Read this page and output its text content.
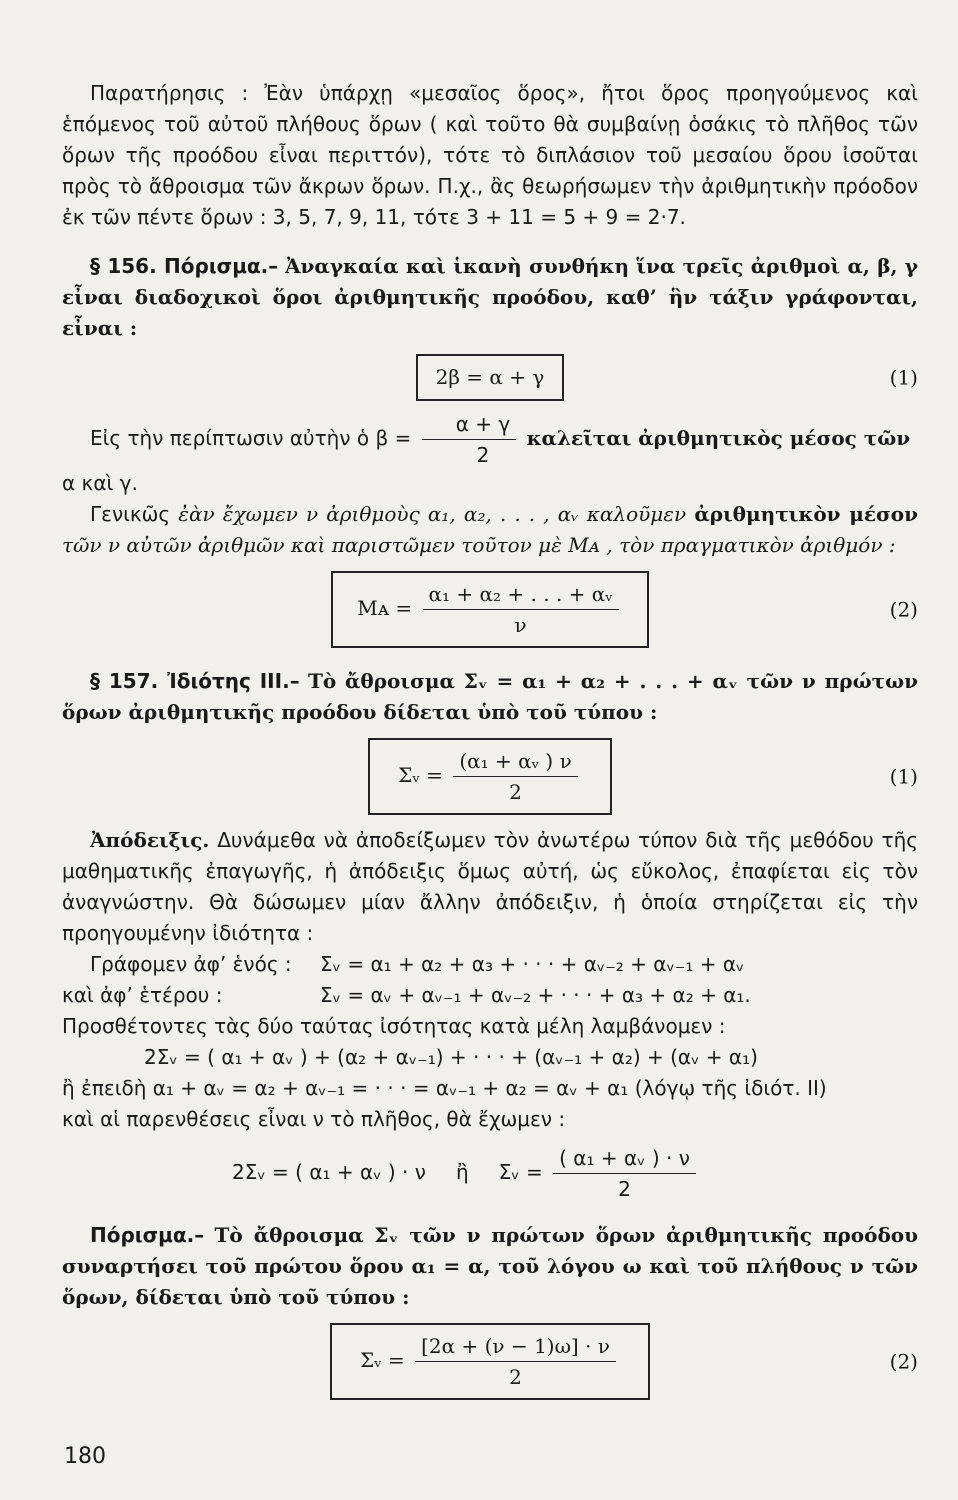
Παρατήρησις : Ἐὰν ὑπάρχῃ «μεσαῖος ὅρος», ἤτοι ὅρος προηγούμενος καὶ ἑπόμενος τοῦ αὐτοῦ πλήθους ὅρων ( καὶ τοῦτο θὰ συμβαίνῃ ὁσάκις τὸ πλῆθος τῶν ὅρων τῆς προόδου εἶναι περιττόν), τότε τὸ διπλάσιον τοῦ μεσαίου ὅρου ἰσοῦται πρὸς τὸ ἄθροισμα τῶν ἄκρων ὅρων. Π.χ., ἂς θεωρήσωμεν τὴν ἀριθμητικὴν πρόοδον ἐκ τῶν πέντε ὅρων : 3, 5, 7, 9, 11, τότε 3 + 11 = 5 + 9 = 2·7.

§ 156. Πόρισμα.– Ἀναγκαία καὶ ἱκανὴ συνθήκη ἵνα τρεῖς ἀριθμοὶ α, β, γ εἶναι διαδοχικοὶ ὅροι ἀριθμητικῆς προόδου, καθ’ ἣν τάξιν γράφονται, εἶναι :

2β = α + γ	(1)

Εἰς τὴν περίπτωσιν αὐτὴν ὁ $\beta = \frac{\alpha + \gamma}{2}$ καλεῖται ἀριθμητικὸς μέσος τῶν

α καὶ γ.

Γενικῶς ἐὰν ἔχωμεν ν ἀριθμοὺς α₁, α₂, . . . , αᵥ καλοῦμεν ἀριθμητικὸν μέσον τῶν ν αὐτῶν ἀριθμῶν καὶ παριστῶμεν τοῦτον μὲ Mᴀ , τὸν πραγματικὸν ἀριθμόν :

Mᴀ = $\frac{\text{α₁ + α₂ + . . . + αᵥ}}{\nu}$	(2)

§ 157. Ἰδιότης ΙΙΙ.– Τὸ ἄθροισμα Σᵥ = α₁ + α₂ + . . . + αᵥ τῶν ν πρώτων ὅρων ἀριθμητικῆς προόδου δίδεται ὑπὸ τοῦ τύπου :

Σᵥ = $\frac{\text{(α₁ + αᵥ ) ν}}{2}$	(1)

Ἀπόδειξις. Δυνάμεθα νὰ ἀποδείξωμεν τὸν ἀνωτέρω τύπον διὰ τῆς μεθόδου τῆς μαθηματικῆς ἐπαγωγῆς, ἡ ἀπόδειξις ὅμως αὐτή, ὡς εὔκολος, ἐπαφίεται εἰς τὸν ἀναγνώστην. Θὰ δώσωμεν μίαν ἄλλην ἀπόδειξιν, ἡ ὁποία στηρίζεται εἰς τὴν προηγουμένην ἰδιότητα :

Γράφομεν ἀφ’ ἑνός :	Σᵥ = α₁ + α₂ + α₃ + · · · + αᵥ₋₂ + αᵥ₋₁ + αᵥ
καὶ ἀφ’ ἑτέρου :	Σᵥ = αᵥ + αᵥ₋₁ + αᵥ₋₂ + · · · + α₃ + α₂ + α₁.

Προσθέτοντες τὰς δύο ταύτας ἰσότητας κατὰ μέλη λαμβάνομεν :

2Σᵥ = ( α₁ + αᵥ ) + (α₂ + αᵥ₋₁) + · · · + (αᵥ₋₁ + α₂) + (αᵥ + α₁)

ἢ ἐπειδὴ α₁ + αᵥ = α₂ + αᵥ₋₁ = · · · = αᵥ₋₁ + α₂ = αᵥ + α₁ (λόγῳ τῆς ἰδιότ. ΙΙ)

καὶ αἱ παρενθέσεις εἶναι ν τὸ πλῆθος, θὰ ἔχωμεν :

2Σᵥ = ( α₁ + αᵥ ) · ν ἢ Σᵥ = $\frac{\text{( α₁ + αᵥ ) · ν}}{2}$

Πόρισμα.– Τὸ ἄθροισμα Σᵥ τῶν ν πρώτων ὅρων ἀριθμητικῆς προόδου συναρτήσει τοῦ πρώτου ὅρου α₁ = α, τοῦ λόγου ω καὶ τοῦ πλήθους ν τῶν ὅρων, δίδεται ὑπὸ τοῦ τύπου :

Σᵥ = $\frac{[2\alpha + (\nu - 1)\omega] \cdot \nu}{2}$	(2)
180
